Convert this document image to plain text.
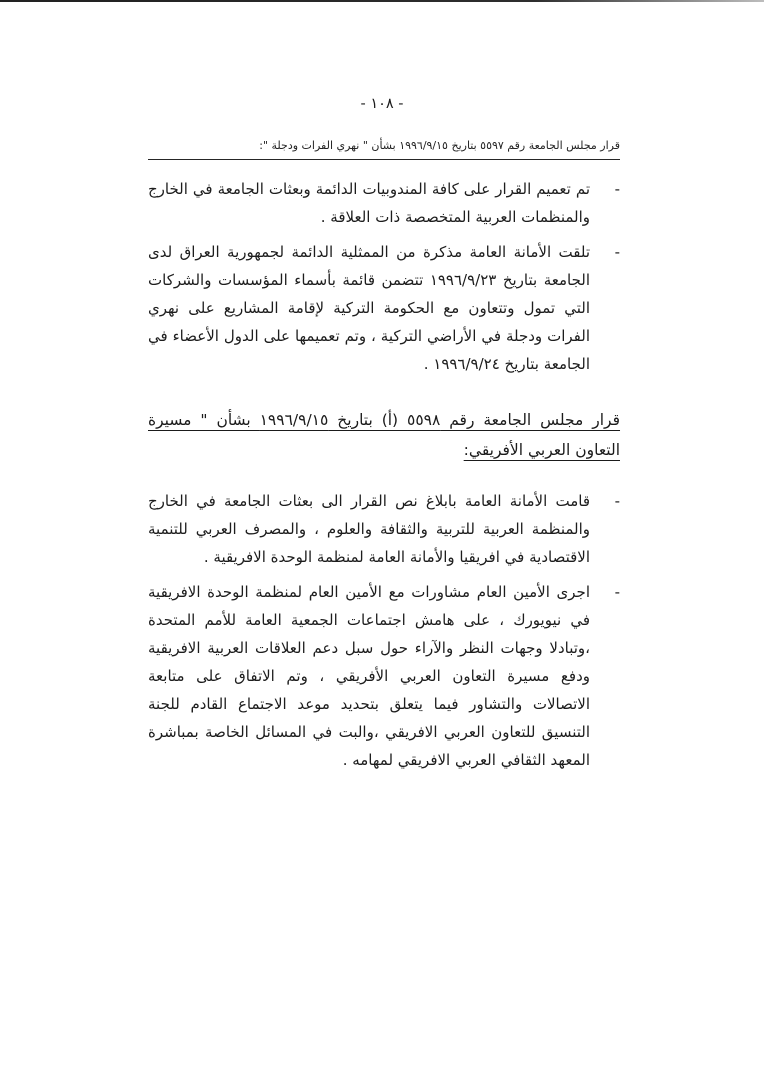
- ١٠٨ -
قرار مجلس الجامعة رقم ٥٥٩٧ بتاريخ ١٩٩٦/٩/١٥ بشأن " نهري الفرات ودجلة ":
-

تم تعميم القرار على كافة المندوبيات الدائمة وبعثات الجامعة في الخارج والمنظمات العربية المتخصصة ذات العلاقة .

-

تلقت الأمانة العامة مذكرة من الممثلية الدائمة لجمهورية العراق لدى الجامعة بتاريخ ١٩٩٦/٩/٢٣ تتضمن قائمة بأسماء المؤسسات والشركات التي تمول وتتعاون مع الحكومة التركية لإقامة المشاريع على نهري الفرات ودجلة في الأراضي التركية ، وتم تعميمها على الدول الأعضاء في الجامعة بتاريخ ١٩٩٦/٩/٢٤ .

قرار مجلس الجامعة رقم ٥٥٩٨ (أ) بتاريخ ١٩٩٦/٩/١٥ بشأن " مسيرة التعاون العربي الأفريقي:
-

قامت الأمانة العامة بابلاغ نص القرار الى بعثات الجامعة في الخارج والمنظمة العربية للتربية والثقافة والعلوم ، والمصرف العربي للتنمية الاقتصادية في افريقيا والأمانة العامة لمنظمة الوحدة الافريقية .

-

اجرى الأمين العام مشاورات مع الأمين العام لمنظمة الوحدة الافريقية في نيويورك ، على هامش اجتماعات الجمعية العامة للأمم المتحدة ،وتبادلا وجهات النظر والآراء حول سبل دعم العلاقات العربية الافريقية ودفع مسيرة التعاون العربي الأفريقي ، وتم الاتفاق على متابعة الاتصالات والتشاور فيما يتعلق بتحديد موعد الاجتماع القادم للجنة التنسيق للتعاون العربي الافريقي ،والبت في المسائل الخاصة بمباشرة المعهد الثقافي العربي الافريقي لمهامه .
